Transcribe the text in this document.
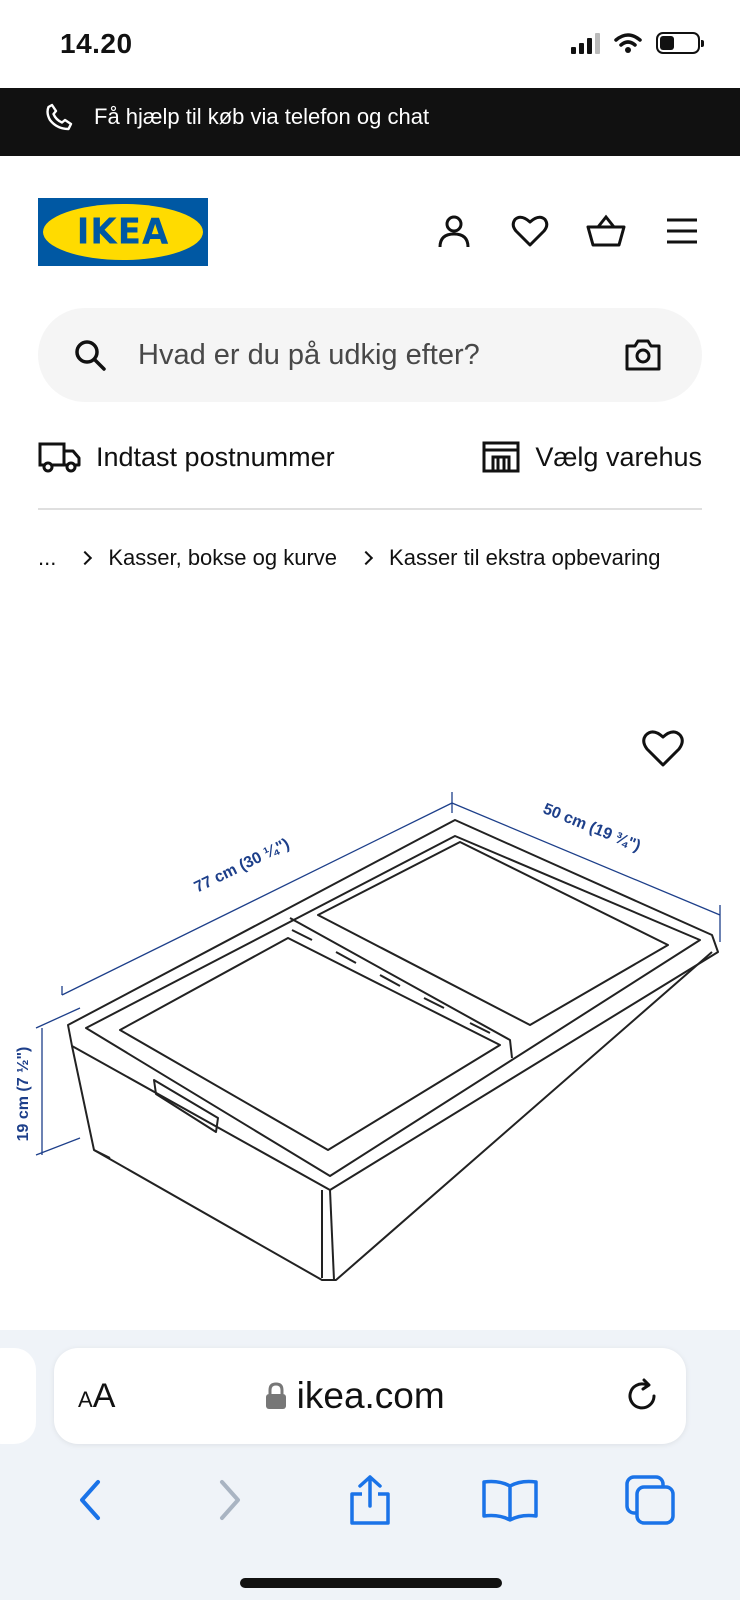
14.20
Få hjælp til køb via telefon og chat
IKEA
Hvad er du på udkig efter?
Indtast postnummer	Vælg varehus
... Kasser, bokse og kurve Kasser til ekstra opbevaring
77 cm (30 ¼")
50 cm (19 ¾")
19 cm (7 ½")
A A	ikea.com
